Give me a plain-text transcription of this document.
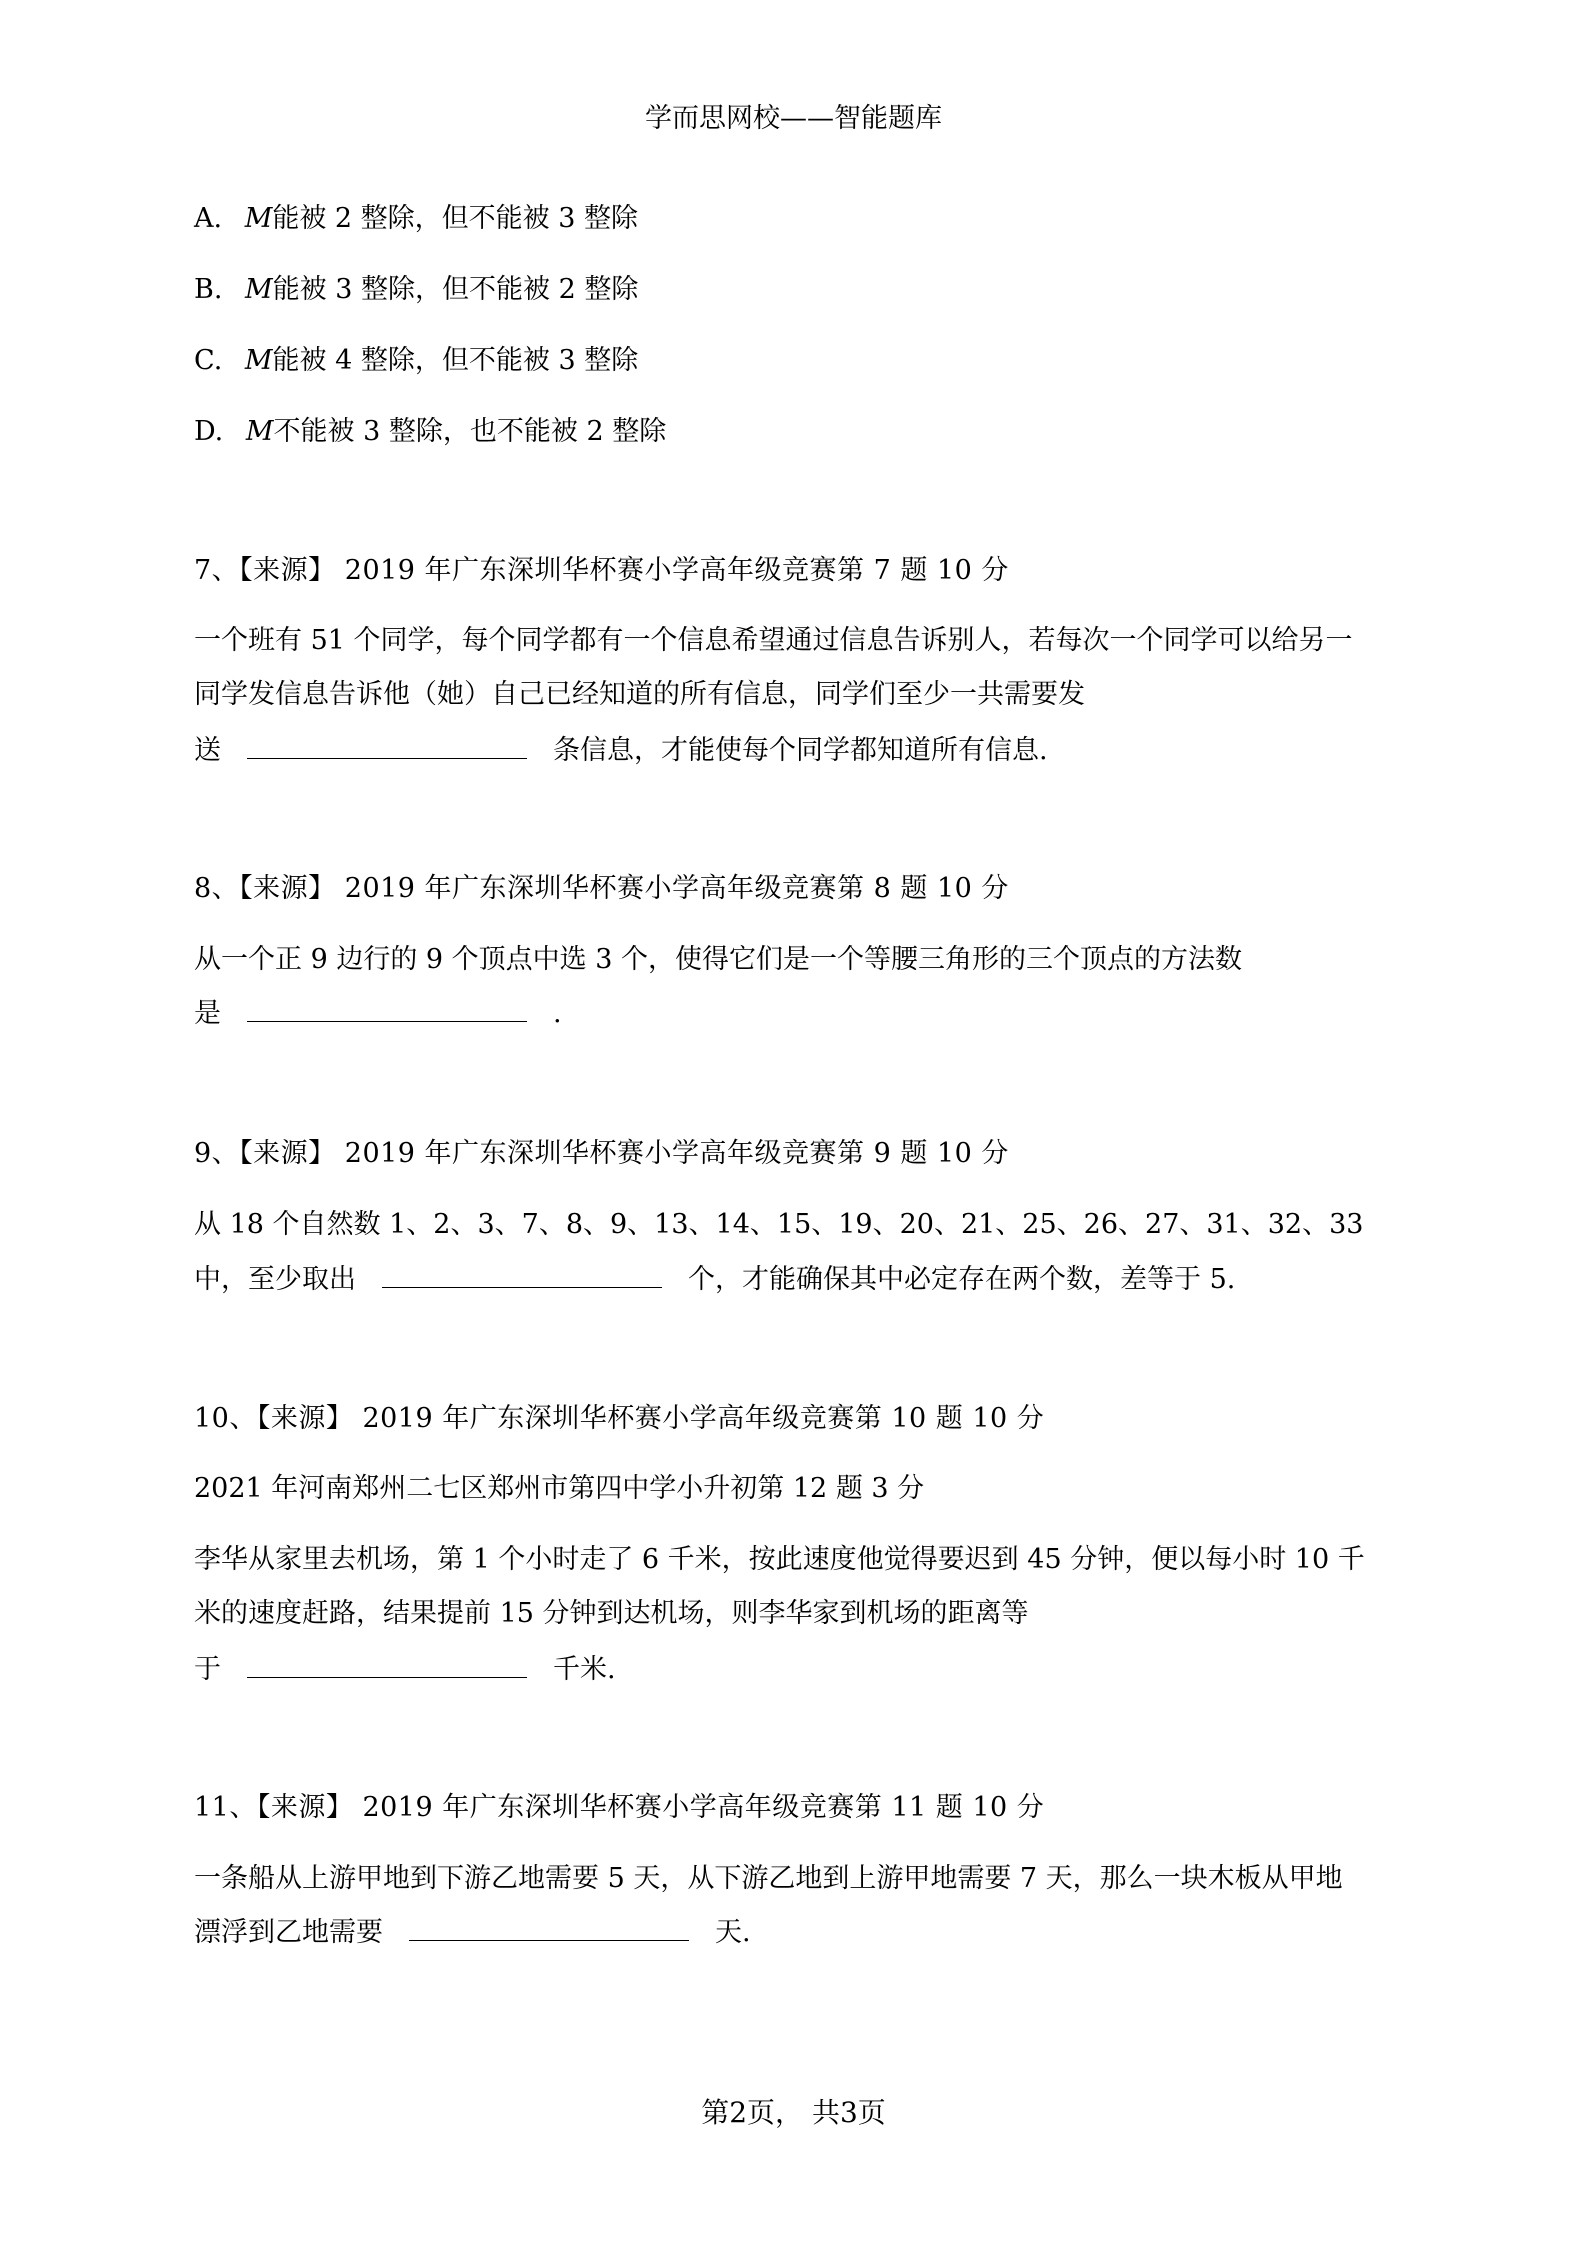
学而思网校——智能题库
A. M能被 2 整除，但不能被 3 整除
B. M能被 3 整除，但不能被 2 整除
C. M能被 4 整除，但不能被 3 整除
D. M不能被 3 整除，也不能被 2 整除
7、【来源】 2019 年广东深圳华杯赛小学高年级竞赛第 7 题 10 分
一个班有 51 个同学，每个同学都有一个信息希望通过信息告诉别人，若每次一个同学可以给另一
同学发信息告诉他（她）自己已经知道的所有信息，同学们至少一共需要发
送	条信息，才能使每个同学都知道所有信息.
8、【来源】 2019 年广东深圳华杯赛小学高年级竞赛第 8 题 10 分
从一个正 9 边行的 9 个顶点中选 3 个，使得它们是一个等腰三角形的三个顶点的方法数
是	.
9、【来源】 2019 年广东深圳华杯赛小学高年级竞赛第 9 题 10 分
从 18 个自然数 1、2、3、7、8、9、13、14、15、19、20、21、25、26、27、31、32、33
中，至少取出	个，才能确保其中必定存在两个数，差等于 5.
10、【来源】 2019 年广东深圳华杯赛小学高年级竞赛第 10 题 10 分
2021 年河南郑州二七区郑州市第四中学小升初第 12 题 3 分
李华从家里去机场，第 1 个小时走了 6 千米，按此速度他觉得要迟到 45 分钟，便以每小时 10 千
米的速度赶路，结果提前 15 分钟到达机场，则李华家到机场的距离等
于	千米.
11、【来源】 2019 年广东深圳华杯赛小学高年级竞赛第 11 题 10 分
一条船从上游甲地到下游乙地需要 5 天，从下游乙地到上游甲地需要 7 天，那么一块木板从甲地
漂浮到乙地需要	天.
第2页， 共3页
